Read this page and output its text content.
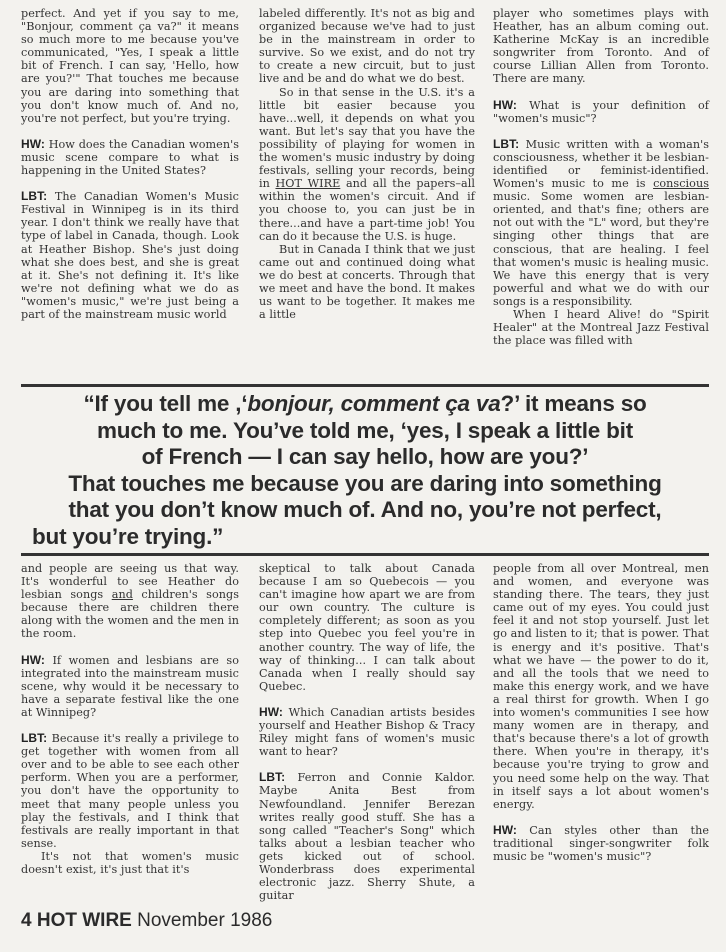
perfect. And yet if you say to me, "Bonjour, comment ça va?" it means so much more to me because you've communicated, "Yes, I speak a little bit of French. I can say, 'Hello, how are you?'" That touches me because you are daring into something that you don't know much of. And no, you're not perfect, but you're trying.

HW: How does the Canadian women's music scene compare to what is happening in the United States?

LBT: The Canadian Women's Music Festival in Winnipeg is in its third year. I don't think we really have that type of label in Canada, though. Look at Heather Bishop. She's just doing what she does best, and she is great at it. She's not defining it. It's like we're not defining what we do as "women's music," we're just being a part of the mainstream music world

labeled differently. It's not as big and organized because we've had to just be in the mainstream in order to survive. So we exist, and do not try to create a new circuit, but to just live and be and do what we do best.

So in that sense in the U.S. it's a little bit easier because you have...well, it depends on what you want. But let's say that you have the possibility of playing for women in the women's music industry by doing festivals, selling your records, being in HOT WIRE and all the papers–all within the women's circuit. And if you choose to, you can just be in there...and have a part-time job! You can do it because the U.S. is huge.

But in Canada I think that we just came out and continued doing what we do best at concerts. Through that we meet and have the bond. It makes us want to be together. It makes me a little

player who sometimes plays with Heather, has an album coming out. Katherine McKay is an incredible songwriter from Toronto. And of course Lillian Allen from Toronto. There are many.

HW: What is your definition of "women's music"?

LBT: Music written with a woman's consciousness, whether it be lesbian-identified or feminist-identified. Women's music to me is conscious music. Some women are lesbian-oriented, and that's fine; others are not out with the "L" word, but they're singing other things that are conscious, that are healing. I feel that women's music is healing music. We have this energy that is very powerful and what we do with our songs is a responsibility.

When I heard Alive! do "Spirit Healer" at the Montreal Jazz Festival the place was filled with

“If you tell me ,‘bonjour, comment ça va?’ it means so
much to me. You’ve told me, ‘yes, I speak a little bit
of French — I can say hello, how are you?’
That touches me because you are daring into something
that you don’t know much of. And no, you’re not perfect,
but you’re trying.”

and people are seeing us that way. It's wonderful to see Heather do lesbian songs and children's songs because there are children there along with the women and the men in the room.

HW: If women and lesbians are so integrated into the mainstream music scene, why would it be necessary to have a separate festival like the one at Winnipeg?

LBT: Because it's really a privilege to get together with women from all over and to be able to see each other perform. When you are a performer, you don't have the opportunity to meet that many people unless you play the festivals, and I think that festivals are really important in that sense.

It's not that women's music doesn't exist, it's just that it's

skeptical to talk about Canada because I am so Quebecois — you can't imagine how apart we are from our own country. The culture is completely different; as soon as you step into Quebec you feel you're in another country. The way of life, the way of thinking... I can talk about Canada when I really should say Quebec.

HW: Which Canadian artists besides yourself and Heather Bishop & Tracy Riley might fans of women's music want to hear?

LBT: Ferron and Connie Kaldor. Maybe Anita Best from Newfoundland. Jennifer Berezan writes really good stuff. She has a song called "Teacher's Song" which talks about a lesbian teacher who gets kicked out of school. Wonderbrass does experimental electronic jazz. Sherry Shute, a guitar

people from all over Montreal, men and women, and everyone was standing there. The tears, they just came out of my eyes. You could just feel it and not stop yourself. Just let go and listen to it; that is power. That is energy and it's positive. That's what we have — the power to do it, and all the tools that we need to make this energy work, and we have a real thirst for growth. When I go into women's communities I see how many women are in therapy, and that's because there's a lot of growth there. When you're in therapy, it's because you're trying to grow and you need some help on the way. That in itself says a lot about women's energy.

HW: Can styles other than the traditional singer-songwriter folk music be "women's music"?

4 HOT WIRE November 1986
